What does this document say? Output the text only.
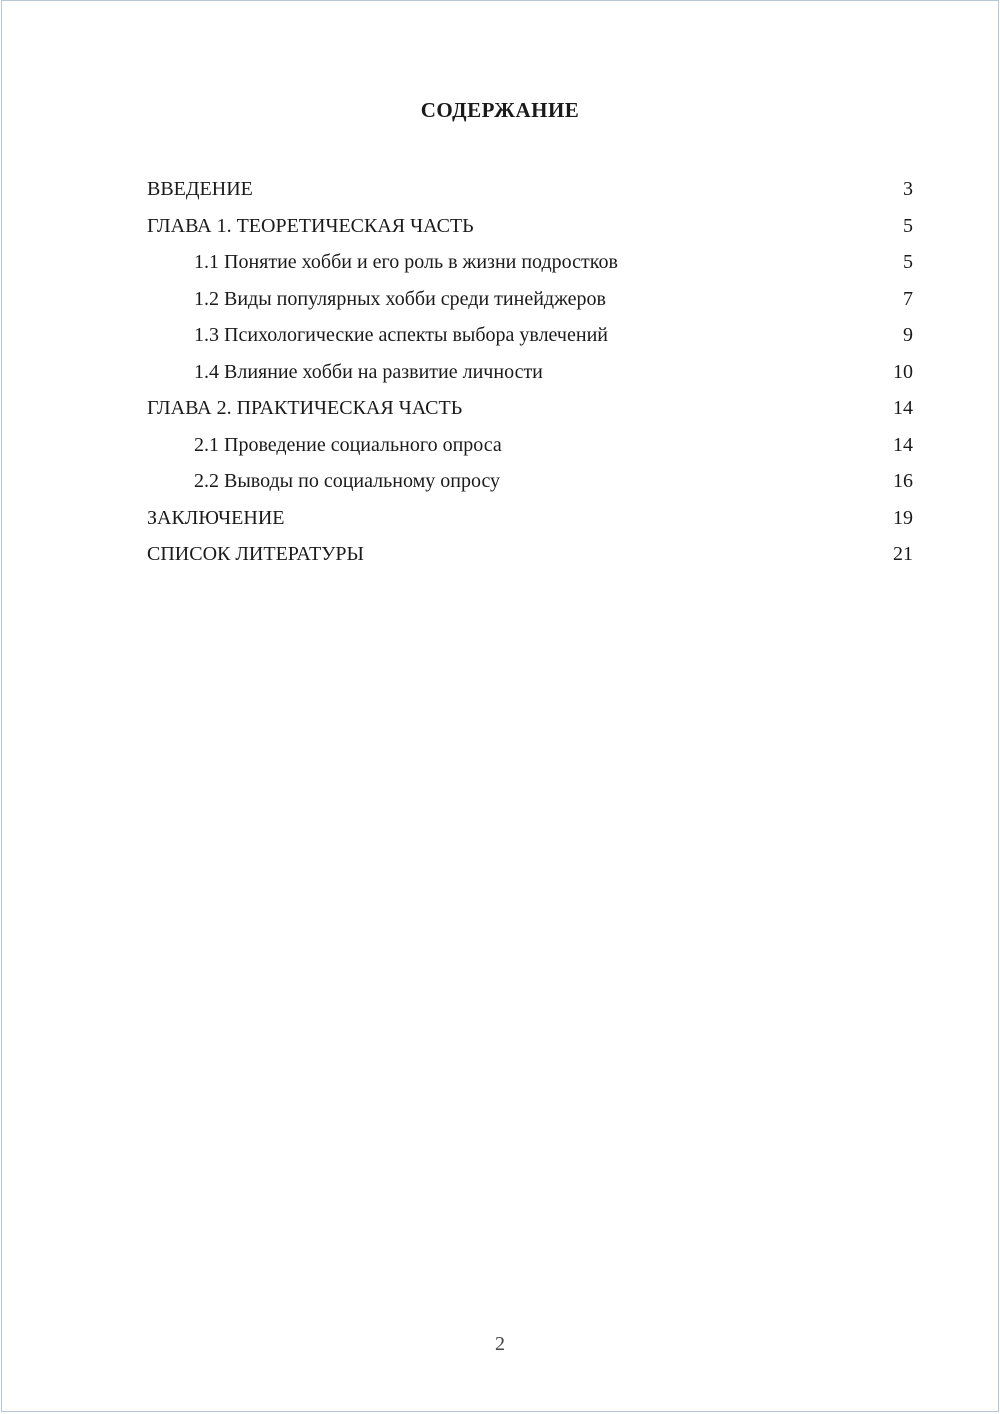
СОДЕРЖАНИЕ
ВВЕДЕНИЕ	3
ГЛАВА 1. ТЕОРЕТИЧЕСКАЯ ЧАСТЬ	5
1.1 Понятие хобби и его роль в жизни подростков	5
1.2 Виды популярных хобби среди тинейджеров	7
1.3 Психологические аспекты выбора увлечений	9
1.4 Влияние хобби на развитие личности	10
ГЛАВА 2. ПРАКТИЧЕСКАЯ ЧАСТЬ	14
2.1 Проведение социального опроса	14
2.2 Выводы по социальному опросу	16
ЗАКЛЮЧЕНИЕ	19
СПИСОК ЛИТЕРАТУРЫ	21
2
